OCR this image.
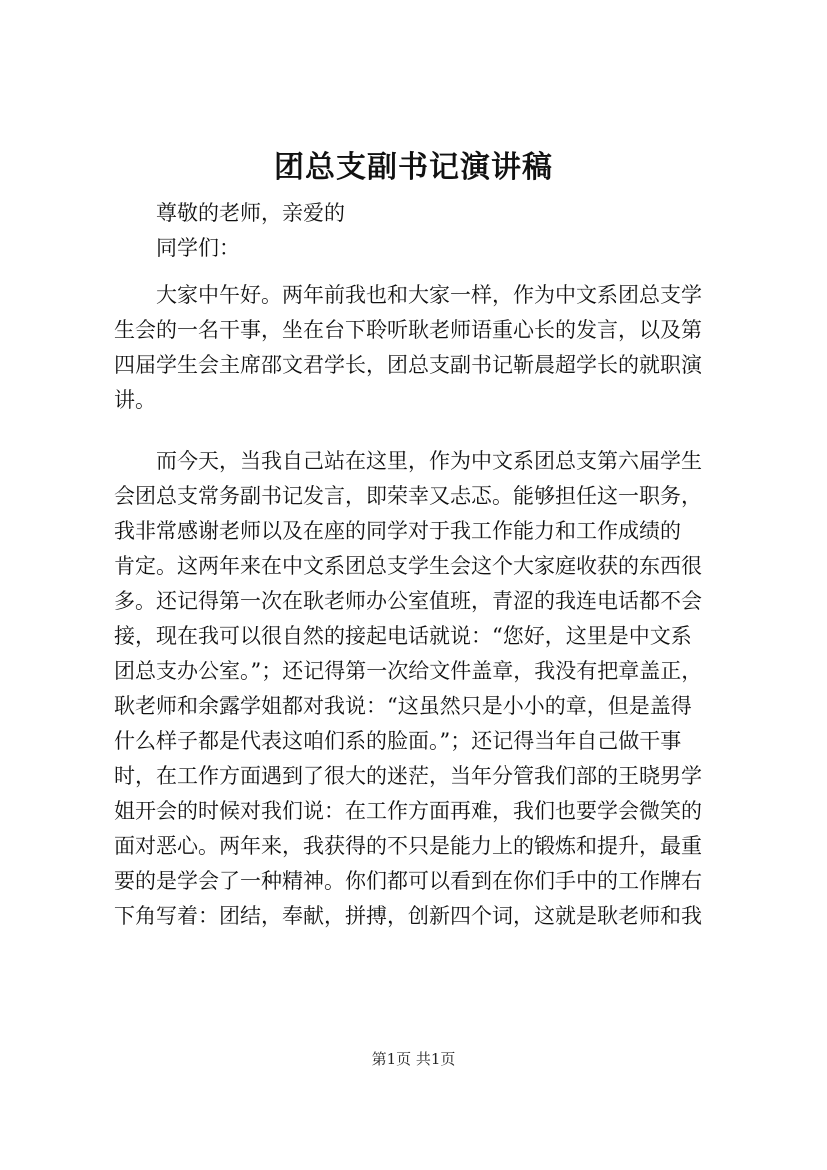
团总支副书记演讲稿
尊敬的老师，亲爱的
同学们：
大家中午好。两年前我也和大家一样，作为中文系团总支学
生会的一名干事，坐在台下聆听耿老师语重心长的发言，以及第
四届学生会主席邵文君学长，团总支副书记靳晨超学长的就职演
讲。
而今天，当我自己站在这里，作为中文系团总支第六届学生
会团总支常务副书记发言，即荣幸又忐忑。能够担任这一职务，
我非常感谢老师以及在座的同学对于我工作能力和工作成绩的
肯定。这两年来在中文系团总支学生会这个大家庭收获的东西很
多。还记得第一次在耿老师办公室值班，青涩的我连电话都不会
接，现在我可以很自然的接起电话就说：“您好，这里是中文系
团总支办公室。”；还记得第一次给文件盖章，我没有把章盖正，
耿老师和余露学姐都对我说：“这虽然只是小小的章，但是盖得
什么样子都是代表这咱们系的脸面。”；还记得当年自己做干事
时，在工作方面遇到了很大的迷茫，当年分管我们部的王晓男学
姐开会的时候对我们说：在工作方面再难，我们也要学会微笑的
面对恶心。两年来，我获得的不只是能力上的锻炼和提升，最重
要的是学会了一种精神。你们都可以看到在你们手中的工作牌右
下角写着：团结，奉献，拼搏，创新四个词，这就是耿老师和我
第1页 共1页
